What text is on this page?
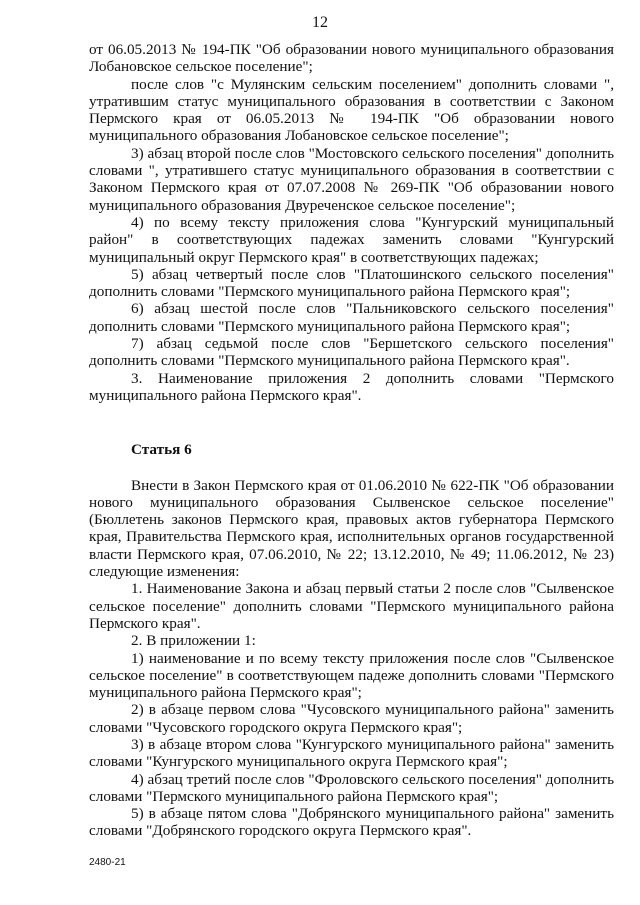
12

от 06.05.2013 № 194-ПК "Об образовании нового муниципального образования Лобановское сельское поселение";

после слов "с Мулянским сельским поселением" дополнить словами ", утратившим статус муниципального образования в соответствии с Законом Пермского края от 06.05.2013 № 194-ПК "Об образовании нового муниципального образования Лобановское сельское поселение";

3) абзац второй после слов "Мостовского сельского поселения" дополнить словами ", утратившего статус муниципального образования в соответствии с Законом Пермского края от 07.07.2008 № 269-ПК "Об образовании нового муниципального образования Двуреченское сельское поселение";

4) по всему тексту приложения слова "Кунгурский муниципальный район" в соответствующих падежах заменить словами "Кунгурский муниципальный округ Пермского края" в соответствующих падежах;

5) абзац четвертый после слов "Платошинского сельского поселения" дополнить словами "Пермского муниципального района Пермского края";

6) абзац шестой после слов "Пальниковского сельского поселения" дополнить словами "Пермского муниципального района Пермского края";

7) абзац седьмой после слов "Бершетского сельского поселения" дополнить словами "Пермского муниципального района Пермского края".

3. Наименование приложения 2 дополнить словами "Пермского муниципального района Пермского края".

Статья 6

Внести в Закон Пермского края от 01.06.2010 № 622-ПК "Об образовании нового муниципального образования Сылвенское сельское поселение" (Бюллетень законов Пермского края, правовых актов губернатора Пермского края, Правительства Пермского края, исполнительных органов государственной власти Пермского края, 07.06.2010, № 22; 13.12.2010, № 49; 11.06.2012, № 23) следующие изменения:

1. Наименование Закона и абзац первый статьи 2 после слов "Сылвенское сельское поселение" дополнить словами "Пермского муниципального района Пермского края".

2. В приложении 1:

1) наименование и по всему тексту приложения после слов "Сылвенское сельское поселение" в соответствующем падеже дополнить словами "Пермского муниципального района Пермского края";

2) в абзаце первом слова "Чусовского муниципального района" заменить словами "Чусовского городского округа Пермского края";

3) в абзаце втором слова "Кунгурского муниципального района" заменить словами "Кунгурского муниципального округа Пермского края";

4) абзац третий после слов "Фроловского сельского поселения" дополнить словами "Пермского муниципального района Пермского края";

5) в абзаце пятом слова "Добрянского муниципального района" заменить словами "Добрянского городского округа Пермского края".

2480-21
